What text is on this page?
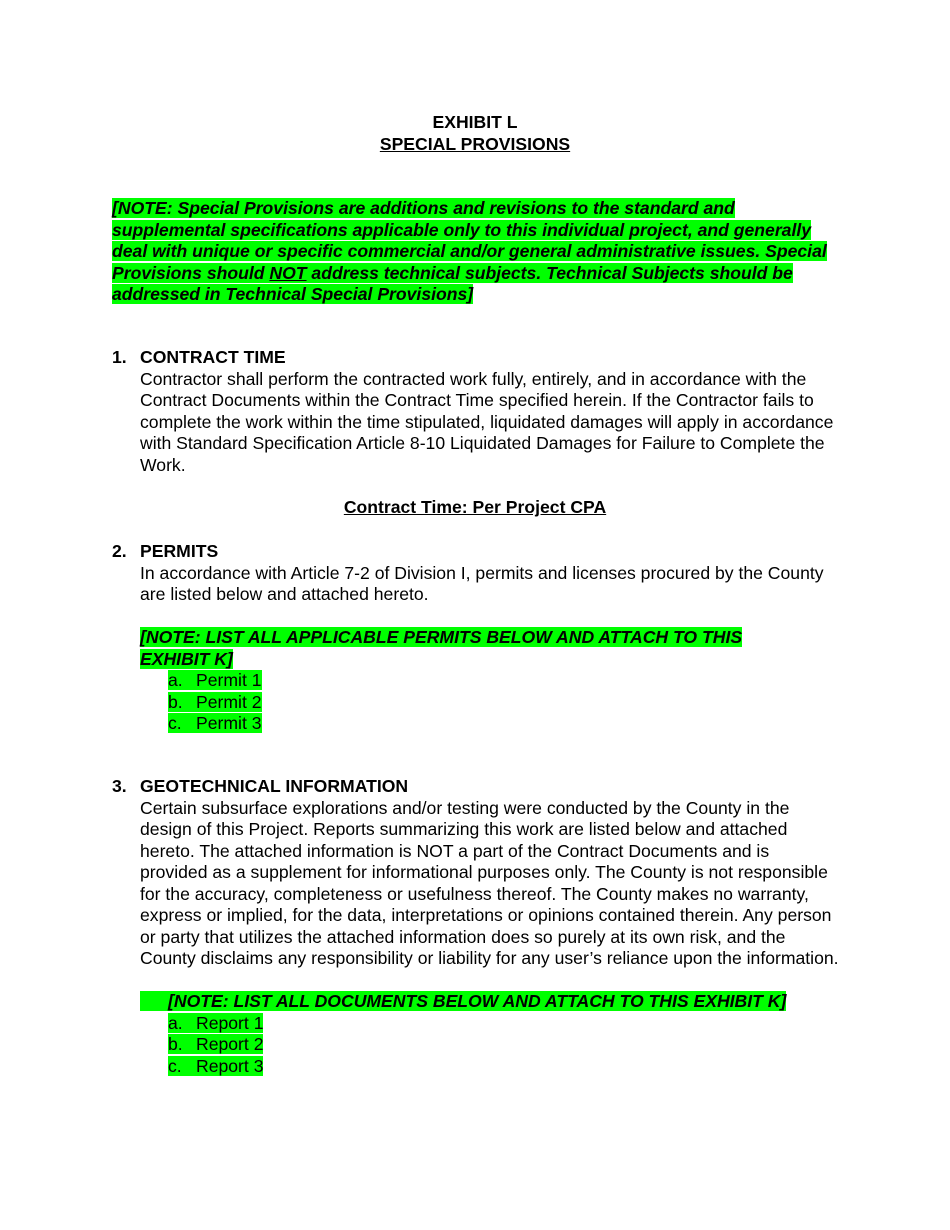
EXHIBIT L
SPECIAL PROVISIONS
[NOTE: Special Provisions are additions and revisions to the standard and supplemental specifications applicable only to this individual project, and generally deal with unique or specific commercial and/or general administrative issues. Special Provisions should NOT address technical subjects. Technical Subjects should be addressed in Technical Special Provisions]
1. CONTRACT TIME
Contractor shall perform the contracted work fully, entirely, and in accordance with the Contract Documents within the Contract Time specified herein. If the Contractor fails to complete the work within the time stipulated, liquidated damages will apply in accordance with Standard Specification Article 8-10 Liquidated Damages for Failure to Complete the Work.
Contract Time: Per Project CPA
2. PERMITS
In accordance with Article 7-2 of Division I, permits and licenses procured by the County are listed below and attached hereto.
[NOTE: LIST ALL APPLICABLE PERMITS BELOW AND ATTACH TO THIS EXHIBIT K]
a. Permit 1
b. Permit 2
c. Permit 3
3. GEOTECHNICAL INFORMATION
Certain subsurface explorations and/or testing were conducted by the County in the design of this Project. Reports summarizing this work are listed below and attached hereto. The attached information is NOT a part of the Contract Documents and is provided as a supplement for informational purposes only. The County is not responsible for the accuracy, completeness or usefulness thereof. The County makes no warranty, express or implied, for the data, interpretations or opinions contained therein. Any person or party that utilizes the attached information does so purely at its own risk, and the County disclaims any responsibility or liability for any user’s reliance upon the information.
[NOTE: LIST ALL DOCUMENTS BELOW AND ATTACH TO THIS EXHIBIT K]
a. Report 1
b. Report 2
c. Report 3
